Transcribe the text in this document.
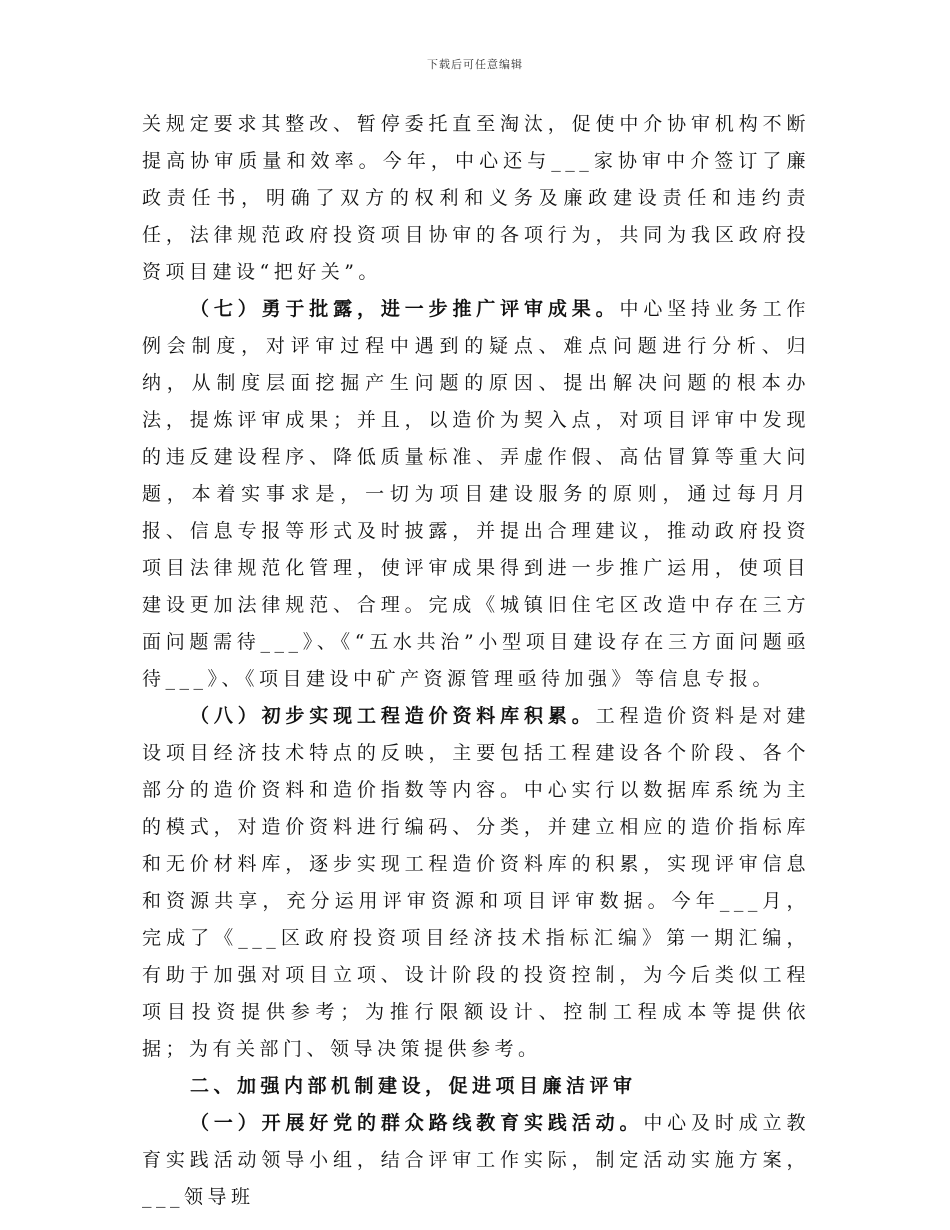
下载后可任意编辑

关规定要求其整改、暂停委托直至淘汰，促使中介协审机构不断提高协审质量和效率。今年，中心还与___家协审中介签订了廉政责任书，明确了双方的权利和义务及廉政建设责任和违约责任，法律规范政府投资项目协审的各项行为，共同为我区政府投资项目建设“把好关”。

（七）勇于批露，进一步推广评审成果。中心坚持业务工作例会制度，对评审过程中遇到的疑点、难点问题进行分析、归纳，从制度层面挖掘产生问题的原因、提出解决问题的根本办法，提炼评审成果；并且，以造价为契入点，对项目评审中发现的违反建设程序、降低质量标准、弄虚作假、高估冒算等重大问题，本着实事求是，一切为项目建设服务的原则，通过每月月报、信息专报等形式及时披露，并提出合理建议，推动政府投资项目法律规范化管理，使评审成果得到进一步推广运用，使项目建设更加法律规范、合理。完成《城镇旧住宅区改造中存在三方面问题需待___》、《“五水共治”小型项目建设存在三方面问题亟待___》、《项目建设中矿产资源管理亟待加强》等信息专报。

（八）初步实现工程造价资料库积累。工程造价资料是对建设项目经济技术特点的反映，主要包括工程建设各个阶段、各个部分的造价资料和造价指数等内容。中心实行以数据库系统为主的模式，对造价资料进行编码、分类，并建立相应的造价指标库和无价材料库，逐步实现工程造价资料库的积累，实现评审信息和资源共享，充分运用评审资源和项目评审数据。今年___月，完成了《___区政府投资项目经济技术指标汇编》第一期汇编，有助于加强对项目立项、设计阶段的投资控制，为今后类似工程项目投资提供参考；为推行限额设计、控制工程成本等提供依据；为有关部门、领导决策提供参考。

二、加强内部机制建设，促进项目廉洁评审

（一）开展好党的群众路线教育实践活动。中心及时成立教育实践活动领导小组，结合评审工作实际，制定活动实施方案，___领导班
